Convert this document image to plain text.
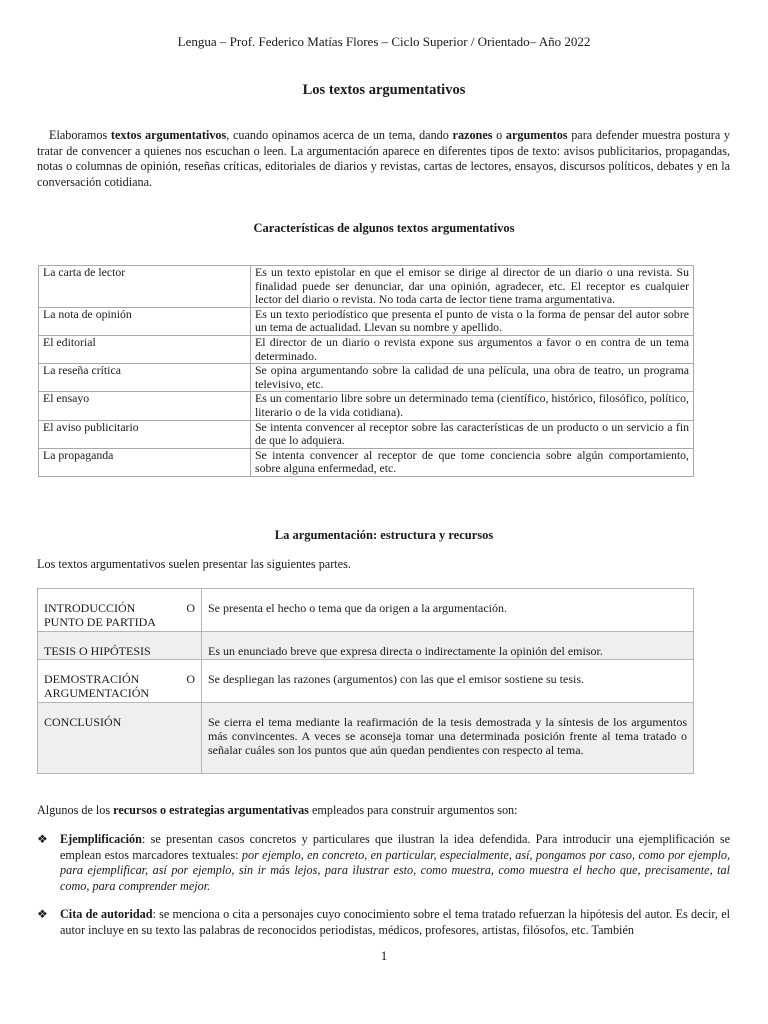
Lengua – Prof. Federico Matías Flores – Ciclo Superior / Orientado– Año 2022
Los textos argumentativos

Elaboramos textos argumentativos, cuando opinamos acerca de un tema, dando razones o argumentos para defender muestra postura y tratar de convencer a quienes nos escuchan o leen. La argumentación aparece en diferentes tipos de texto: avisos publicitarios, propagandas, notas o columnas de opinión, reseñas críticas, editoriales de diarios y revistas, cartas de lectores, ensayos, discursos políticos, debates y en la conversación cotidiana.

Características de algunos textos argumentativos
La carta de lector	Es un texto epistolar en que el emisor se dirige al director de un diario o una revista. Su finalidad puede ser denunciar, dar una opinión, agradecer, etc. El receptor es cualquier lector del diario o revista. No toda carta de lector tiene trama argumentativa.
La nota de opinión	Es un texto periodístico que presenta el punto de vista o la forma de pensar del autor sobre un tema de actualidad. Llevan su nombre y apellido.
El editorial	El director de un diario o revista expone sus argumentos a favor o en contra de un tema determinado.
La reseña crítica	Se opina argumentando sobre la calidad de una película, una obra de teatro, un programa televisivo, etc.
El ensayo	Es un comentario libre sobre un determinado tema (científico, histórico, filosófico, político, literario o de la vida cotidiana).
El aviso publicitario	Se intenta convencer al receptor sobre las características de un producto o un servicio a fin de que lo adquiera.
La propaganda	Se intenta convencer al receptor de que tome conciencia sobre algún comportamiento, sobre alguna enfermedad, etc.
La argumentación: estructura y recursos
Los textos argumentativos suelen presentar las siguientes partes.
INTRODUCCIÓN O
PUNTO DE PARTIDA	Se presenta el hecho o tema que da origen a la argumentación.

TESIS O HIPÓTESIS	Es un enunciado breve que expresa directa o indirectamente la opinión del emisor.

DEMOSTRACIÓN O
ARGUMENTACIÓN	Se despliegan las razones (argumentos) con las que el emisor sostiene su tesis.

CONCLUSIÓN	Se cierra el tema mediante la reafirmación de la tesis demostrada y la síntesis de los argumentos más convincentes. A veces se aconseja tomar una determinada posición frente al tema tratado o señalar cuáles son los puntos que aún quedan pendientes con respecto al tema.
Algunos de los recursos o estrategias argumentativas empleados para construir argumentos son:
❖ Ejemplificación: se presentan casos concretos y particulares que ilustran la idea defendida. Para introducir una ejemplificación se emplean estos marcadores textuales: por ejemplo, en concreto, en particular, especialmente, así, pongamos por caso, como por ejemplo, para ejemplificar, así por ejemplo, sin ir más lejos, para ilustrar esto, como muestra, como muestra el hecho que, precisamente, tal como, para comprender mejor.
❖ Cita de autoridad: se menciona o cita a personajes cuyo conocimiento sobre el tema tratado refuerzan la hipótesis del autor. Es decir, el autor incluye en su texto las palabras de reconocidos periodistas, médicos, profesores, artistas, filósofos, etc. También
1
